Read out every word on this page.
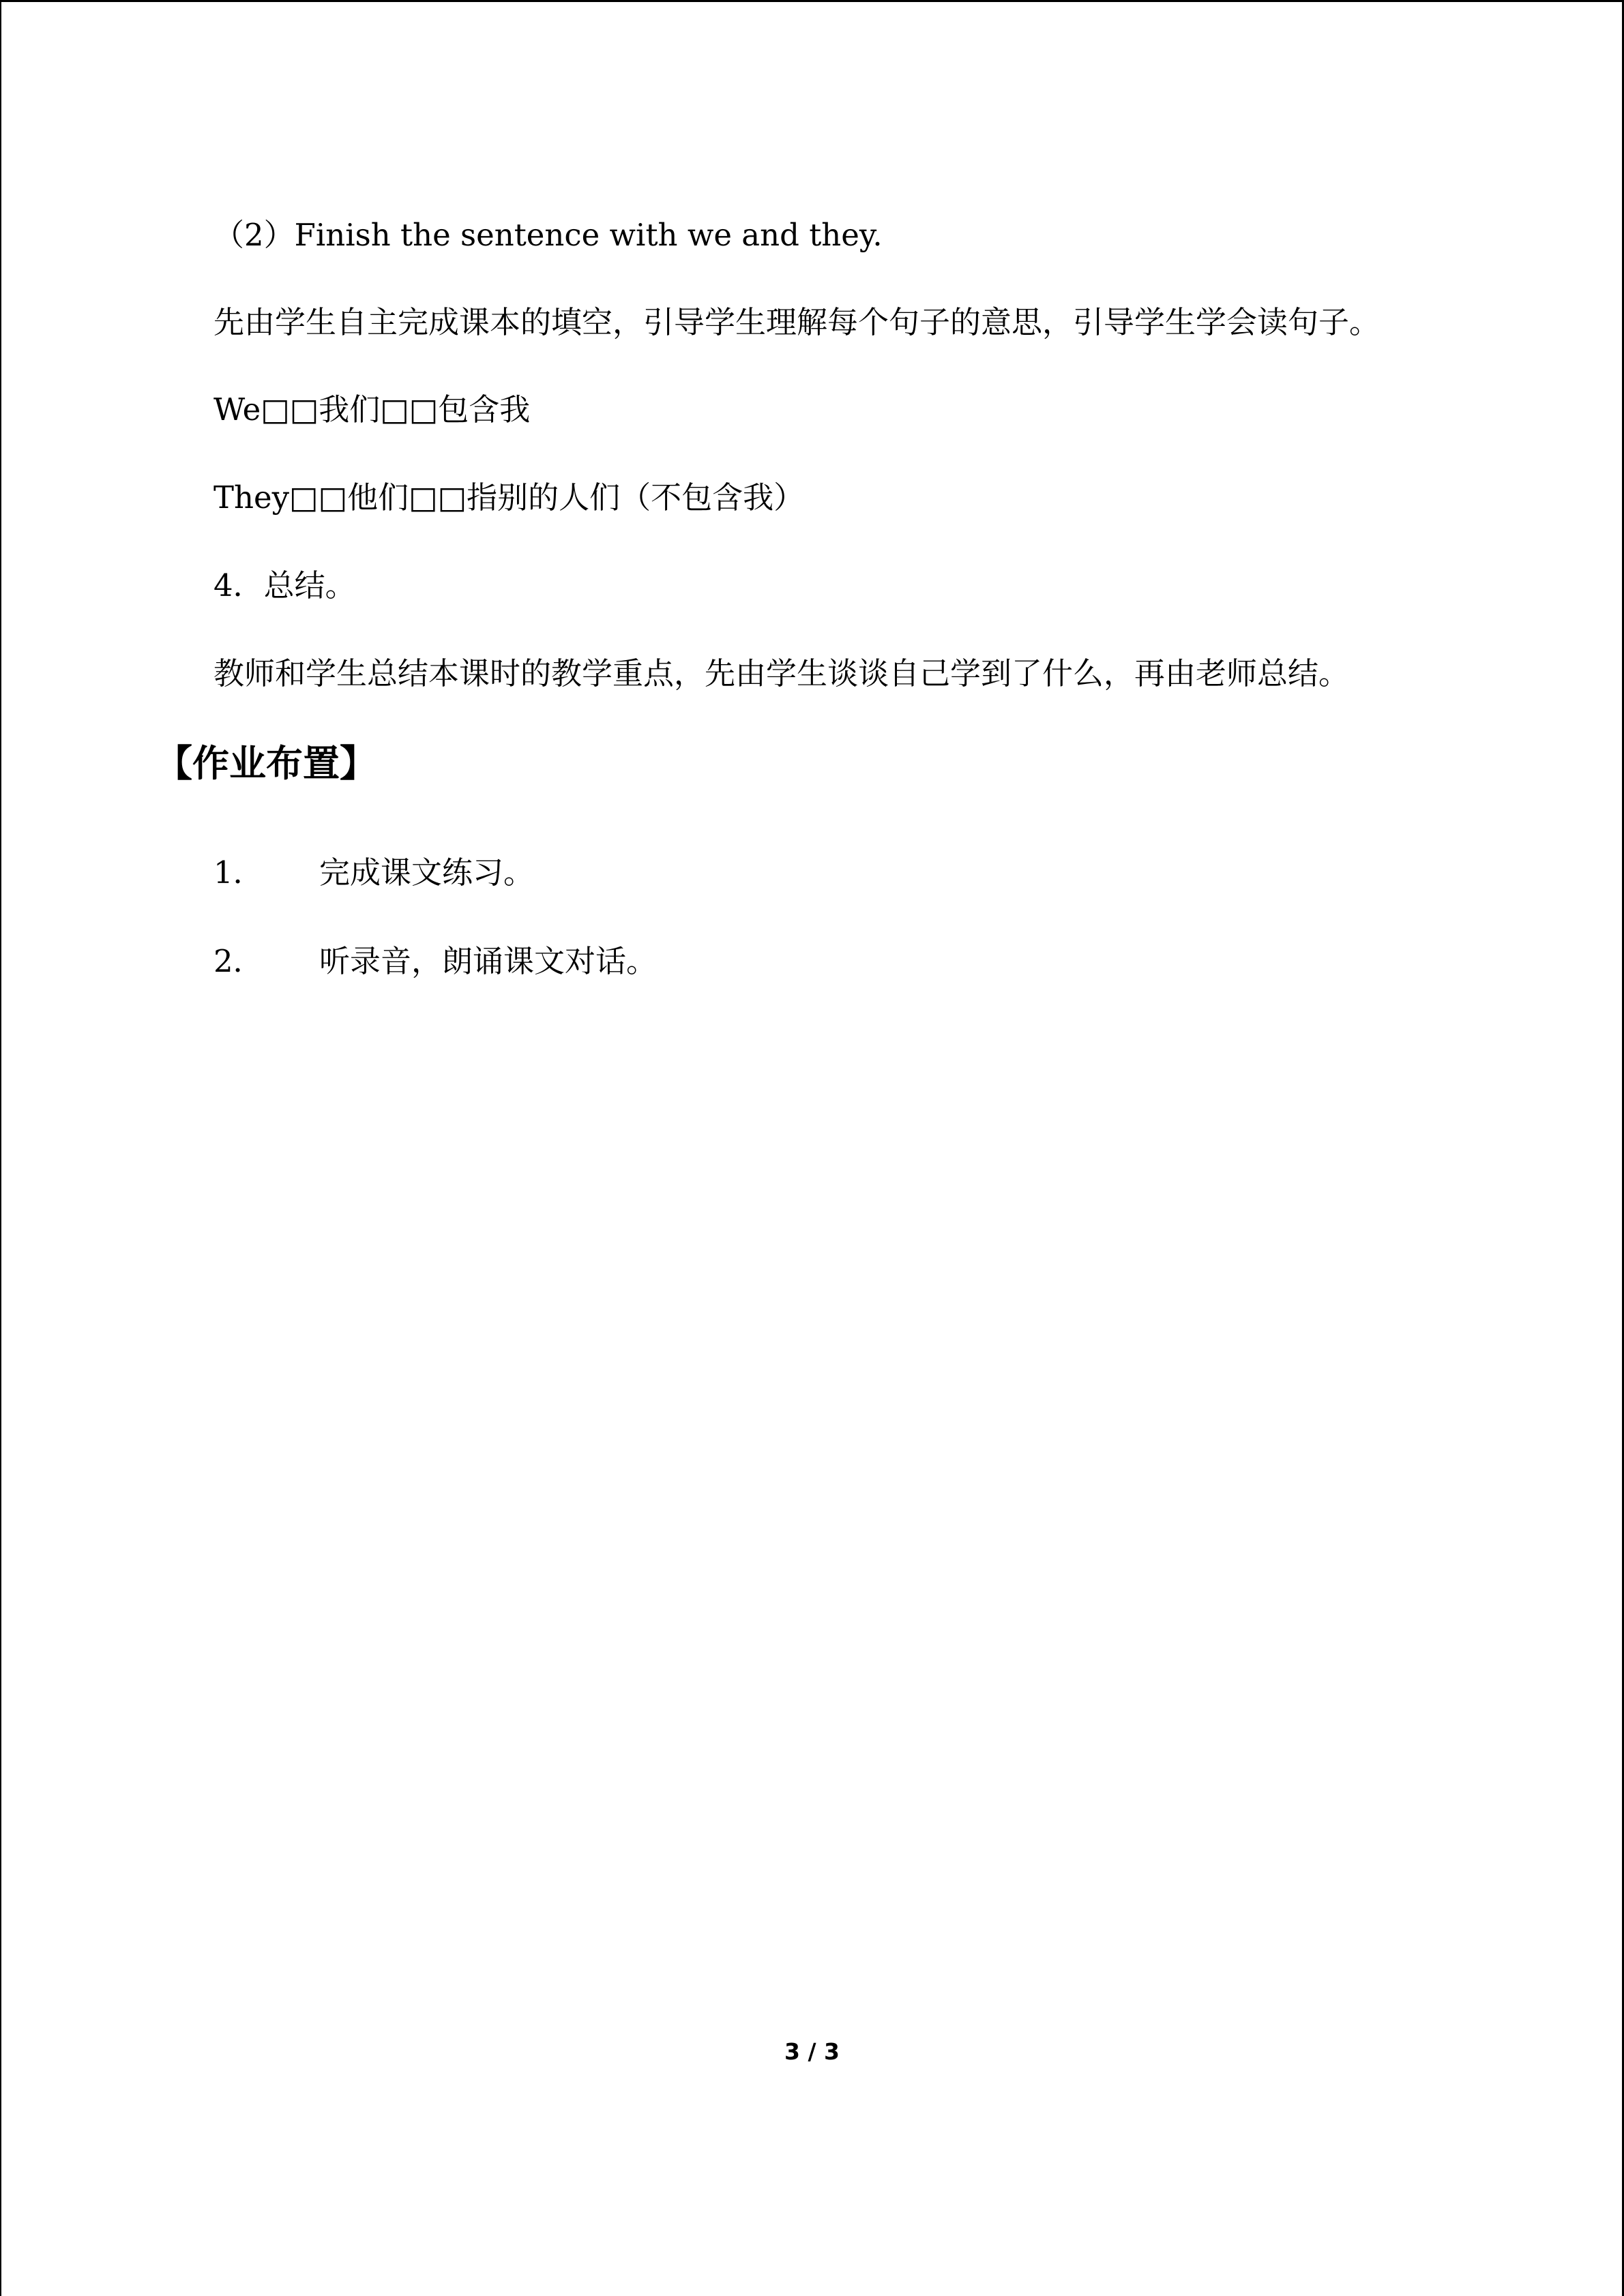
（2）Finish the sentence with we and they.
先由学生自主完成课本的填空，引导学生理解每个句子的意思，引导学生学会读句子。
We□□我们□□包含我
They□□他们□□指别的人们（不包含我）
4．总结。
教师和学生总结本课时的教学重点，先由学生谈谈自己学到了什么，再由老师总结。
【作业布置】
1． 完成课文练习。
2． 听录音，朗诵课文对话。
3 / 3
